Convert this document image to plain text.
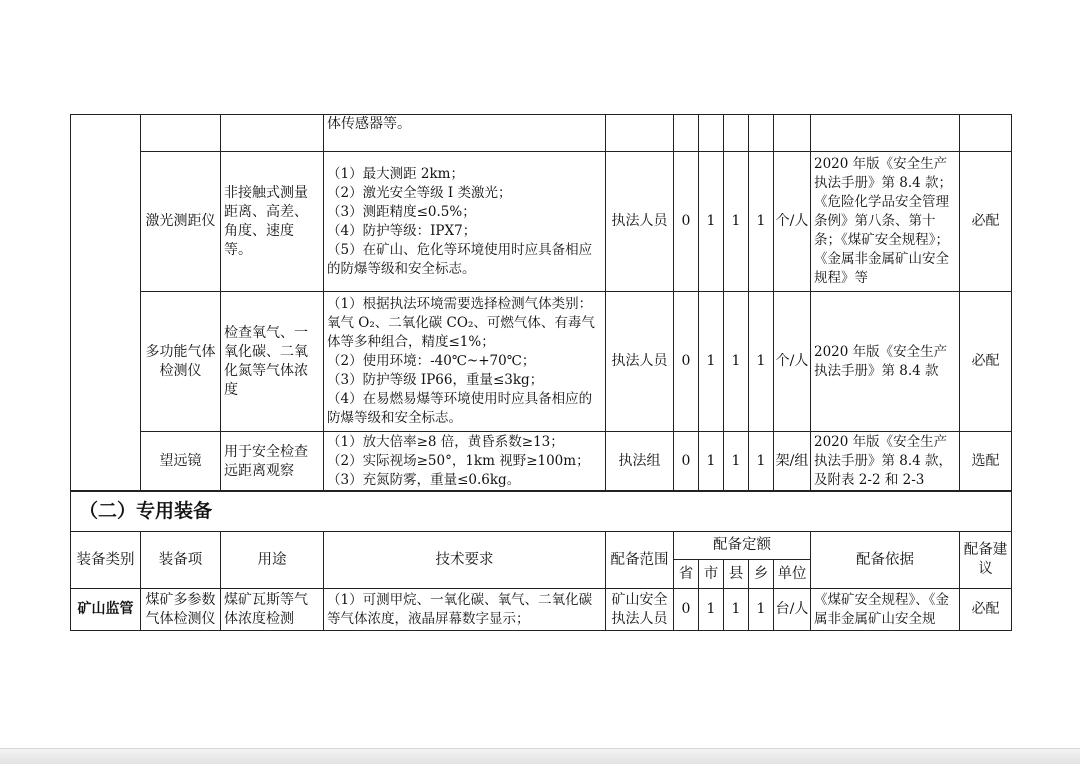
			体传感器等。								
	激光测距仪	非接触式测量距离、高差、角度、速度等。	（1）最大测距 2km；
（2）激光安全等级 Ⅰ 类激光；
（3）测距精度≤0.5%；
（4）防护等级：IPX7；
（5）在矿山、危化等环境使用时应具备相应的防爆等级和安全标志。	执法人员	0	1	1	1	个/人	2020 年版《安全生产执法手册》第 8.4 款；《危险化学品安全管理条例》第八条、第十条；《煤矿安全规程》；《金属非金属矿山安全规程》等	必配
	多功能气体检测仪	检查氧气、一氧化碳、二氧化氮等气体浓度	（1）根据执法环境需要选择检测气体类别：氧气 O₂、二氧化碳 CO₂、可燃气体、有毒气体等多种组合，精度≤1%；
（2）使用环境：-40℃~+70℃；
（3）防护等级 IP66，重量≤3kg；
（4）在易燃易爆等环境使用时应具备相应的防爆等级和安全标志。	执法人员	0	1	1	1	个/人	2020 年版《安全生产执法手册》第 8.4 款	必配
	望远镜	用于安全检查远距离观察	（1）放大倍率≥8 倍，黄昏系数≥13；
（2）实际视场≥50°，1km 视野≥100m；
（3）充氮防雾，重量≤0.6kg。	执法组	0	1	1	1	架/组	2020 年版《安全生产执法手册》第 8.4 款，及附表 2-2 和 2-3	选配
（二）专用装备											
装备类别	装备项	用途	技术要求	配备范围	配备定额					配备依据	配备建议
					省	市	县	乡	单位		
矿山监管	煤矿多参数气体检测仪	煤矿瓦斯等气体浓度检测	（1）可测甲烷、一氧化碳、氧气、二氧化碳等气体浓度，液晶屏幕数字显示；	矿山安全执法人员	0	1	1	1	台/人	《煤矿安全规程》、《金属非金属矿山安全规	必配
